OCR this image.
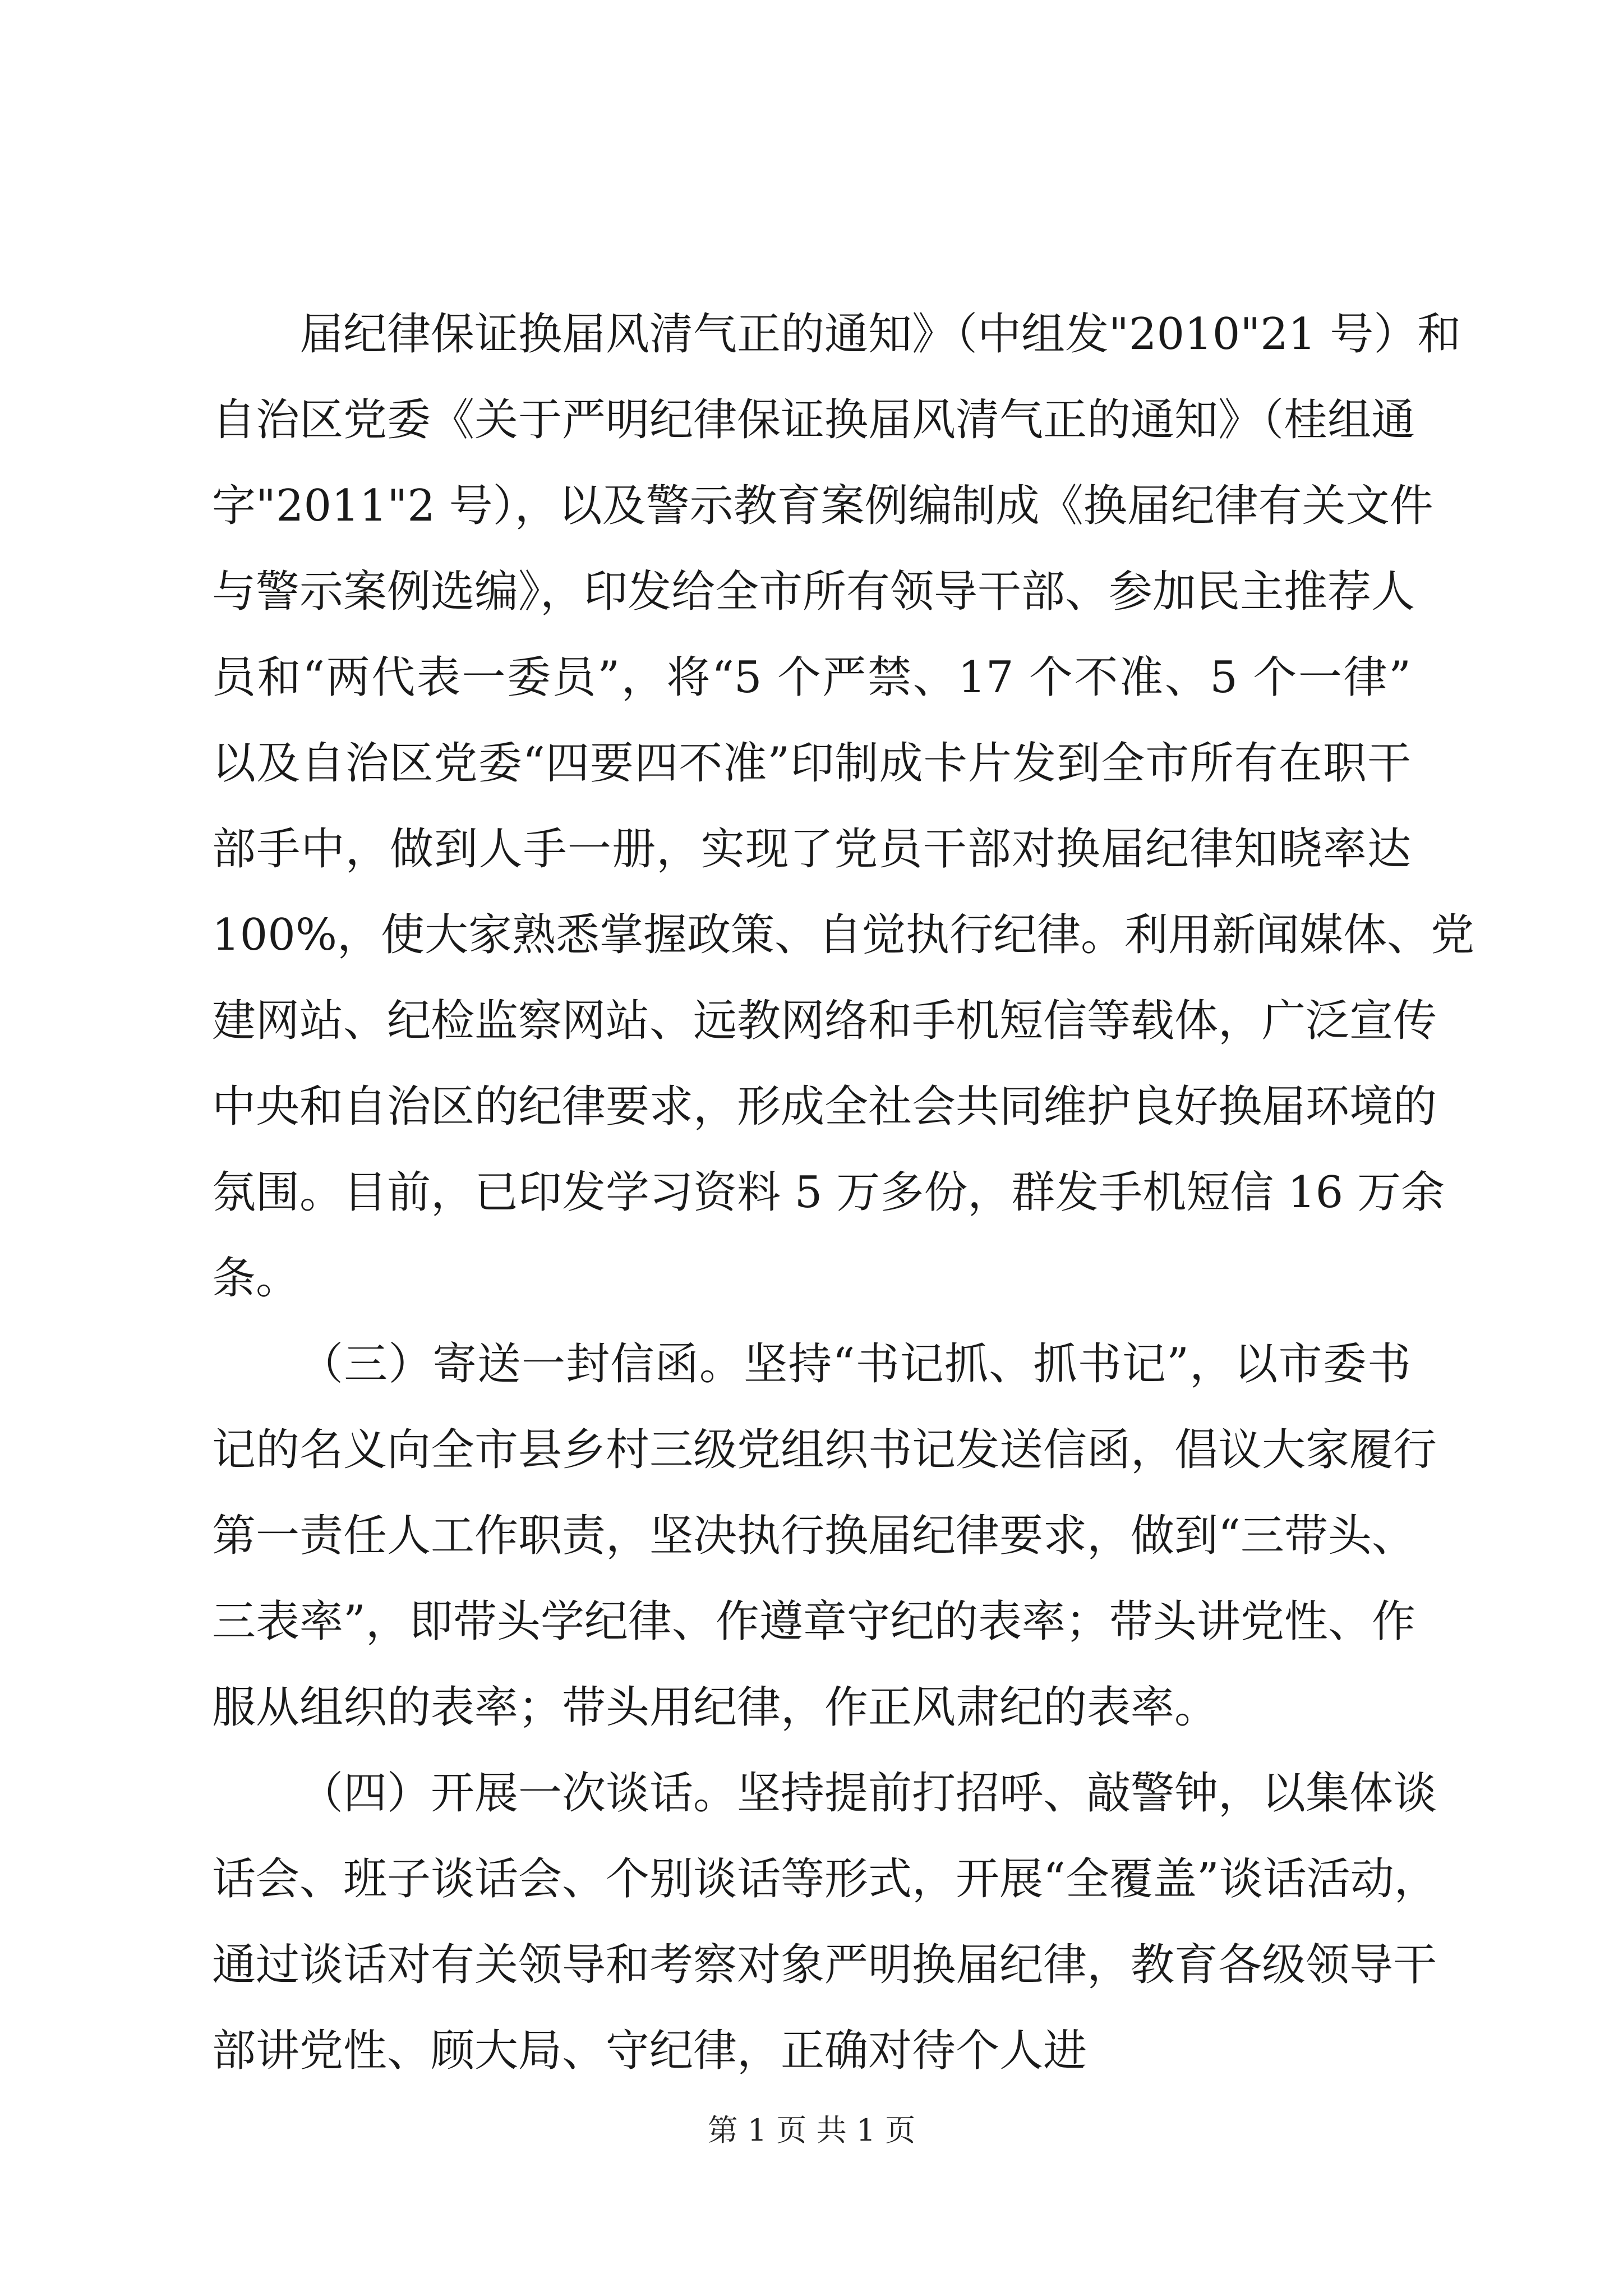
届纪律保证换届风清气正的通知》（中组发"2010"21 号）和
自治区党委《关于严明纪律保证换届风清气正的通知》（桂组通
字"2011"2 号），以及警示教育案例编制成《换届纪律有关文件
与警示案例选编》，印发给全市所有领导干部、参加民主推荐人
员和“两代表一委员”，将“5 个严禁、17 个不准、5 个一律”
以及自治区党委“四要四不准”印制成卡片发到全市所有在职干
部手中，做到人手一册，实现了党员干部对换届纪律知晓率达
100%，使大家熟悉掌握政策、自觉执行纪律。利用新闻媒体、党
建网站、纪检监察网站、远教网络和手机短信等载体，广泛宣传
中央和自治区的纪律要求，形成全社会共同维护良好换届环境的
氛围。目前，已印发学习资料 5 万多份，群发手机短信 16 万余
条。
（三）寄送一封信函。坚持“书记抓、抓书记”，以市委书
记的名义向全市县乡村三级党组织书记发送信函，倡议大家履行
第一责任人工作职责，坚决执行换届纪律要求，做到“三带头、
三表率”，即带头学纪律、作遵章守纪的表率；带头讲党性、作
服从组织的表率；带头用纪律，作正风肃纪的表率。
（四）开展一次谈话。坚持提前打招呼、敲警钟，以集体谈
话会、班子谈话会、个别谈话等形式，开展“全覆盖”谈话活动，
通过谈话对有关领导和考察对象严明换届纪律，教育各级领导干
部讲党性、顾大局、守纪律，正确对待个人进
第 1 页 共 1 页
